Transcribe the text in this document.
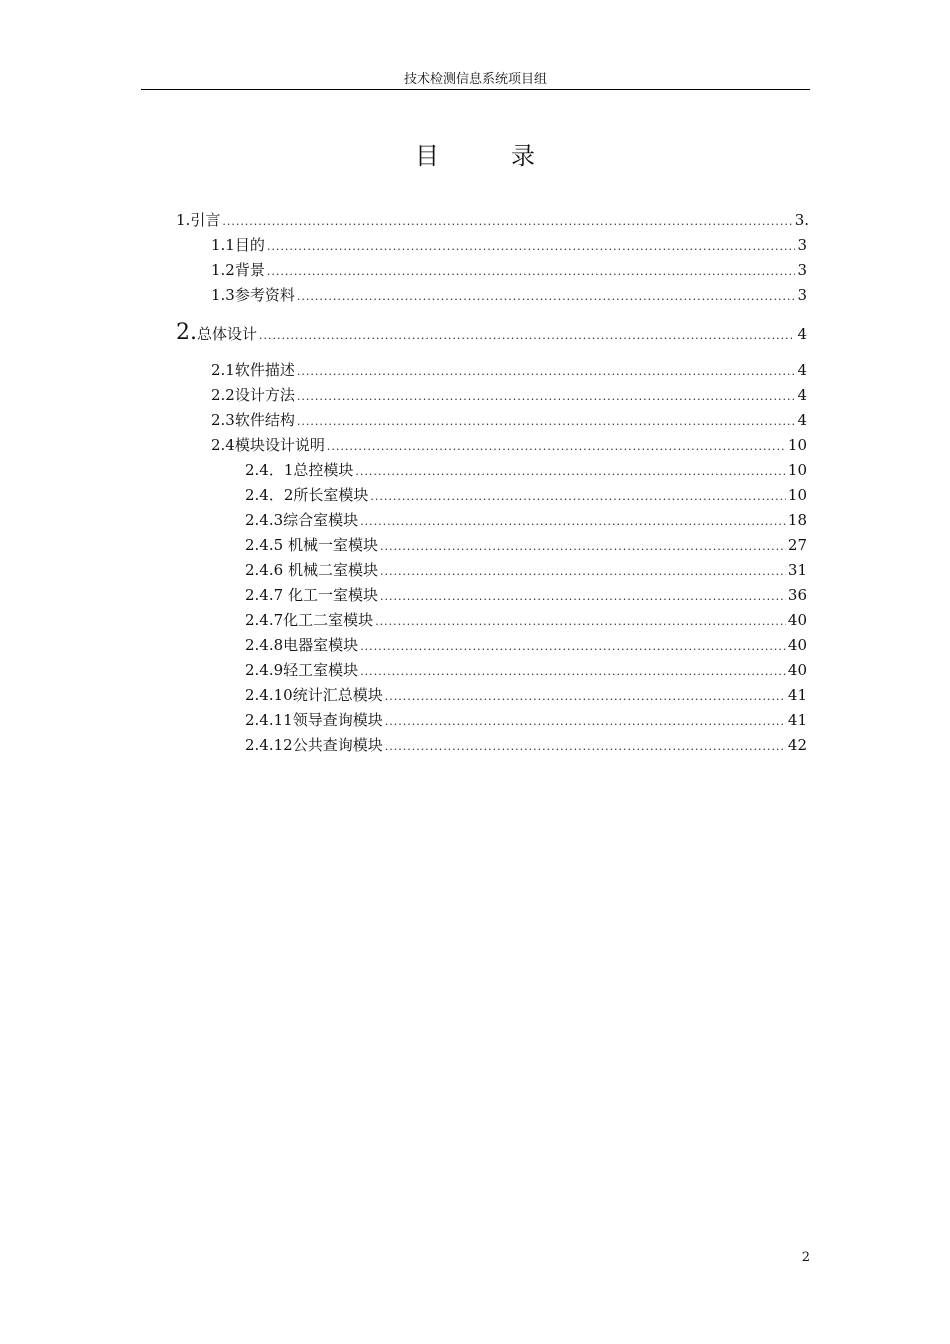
技术检测信息系统项目组
目	录
1.引言 .....	3.
1.1目的 .....	3
1.2背景 .....	3
1.3参考资料 .....	3
2.总体设计 .....	4
2.1软件描述 .....	4
2.2设计方法 .....	4
2.3软件结构 .....	4
2.4模块设计说明 .....	10
2.4．1总控模块 .....	10
2.4．2所长室模块 .....	10
2.4.3综合室模块 .....	18
2.4.5 机械一室模块 .....	27
2.4.6 机械二室模块 .....	31
2.4.7 化工一室模块 .....	36
2.4.7化工二室模块 .....	40
2.4.8电器室模块 .....	40
2.4.9轻工室模块 .....	40
2.4.10统计汇总模块 .....	41
2.4.11领导查询模块 .....	41
2.4.12公共查询模块 .....	42
2
